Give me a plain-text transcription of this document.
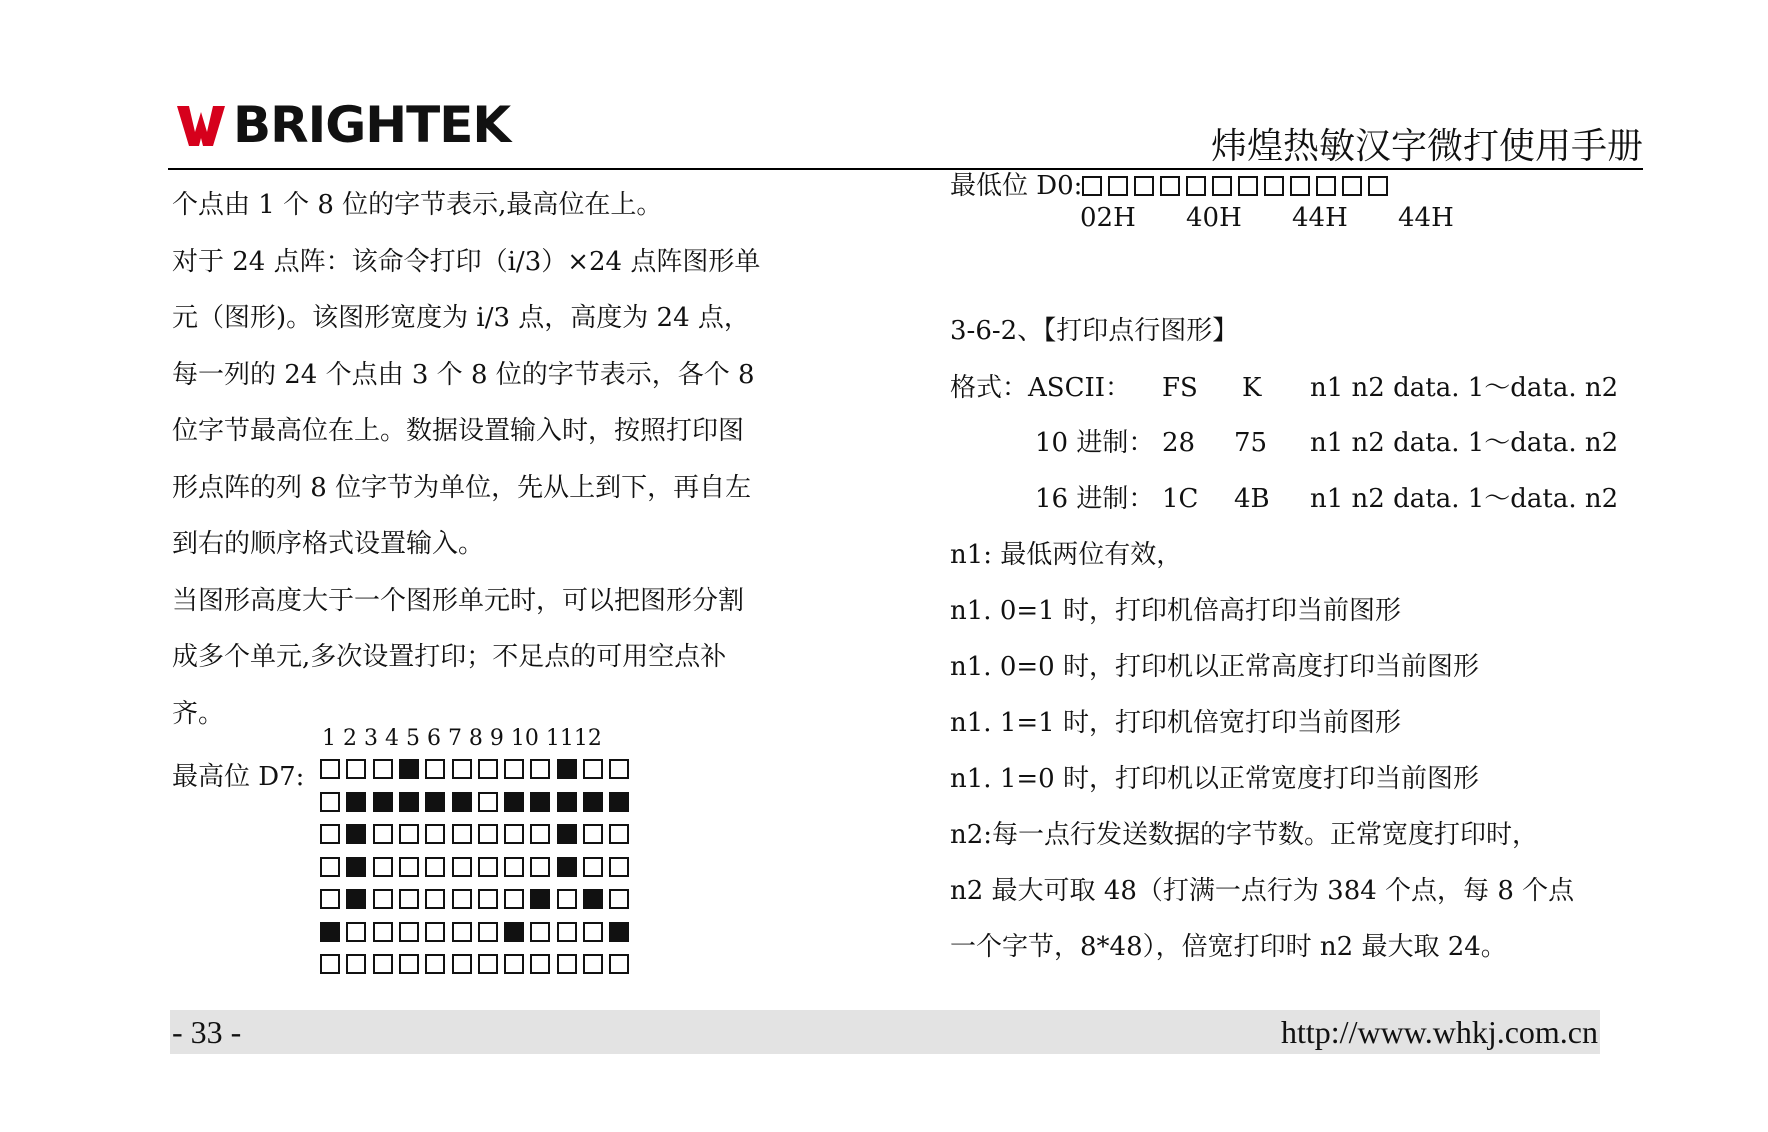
BRIGHTEK	炜煌热敏汉字微打使用手册
个点由 1 个 8 位的字节表示,最高位在上。
对于 24 点阵：该命令打印（i/3）×24 点阵图形单
元（图形)。该图形宽度为 i/3 点，高度为 24 点，
每一列的 24 个点由 3 个 8 位的字节表示，各个 8
位字节最高位在上。数据设置输入时，按照打印图
形点阵的列 8 位字节为单位，先从上到下，再自左
到右的顺序格式设置输入。
当图形高度大于一个图形单元时，可以把图形分割
成多个单元,多次设置打印；不足点的可用空点补
齐。
1 2 3 4 5 6 7 8 9 10 1112
最高位 D7:
最低位 D0:
02H 40H 44H 44H
3-6-2、【打印点行图形】
格式：ASCII： FS K n1 n2 data. 1～data. n2
10 进制： 28 75 n1 n2 data. 1～data. n2
16 进制： 1C 4B n1 n2 data. 1～data. n2
n1: 最低两位有效，
n1. 0=1 时，打印机倍高打印当前图形
n1. 0=0 时，打印机以正常高度打印当前图形
n1. 1=1 时，打印机倍宽打印当前图形
n1. 1=0 时，打印机以正常宽度打印当前图形
n2:每一点行发送数据的字节数。正常宽度打印时，
n2 最大可取 48（打满一点行为 384 个点，每 8 个点
一个字节，8*48），倍宽打印时 n2 最大取 24。
- 33 -	http://www.whkj.com.cn
